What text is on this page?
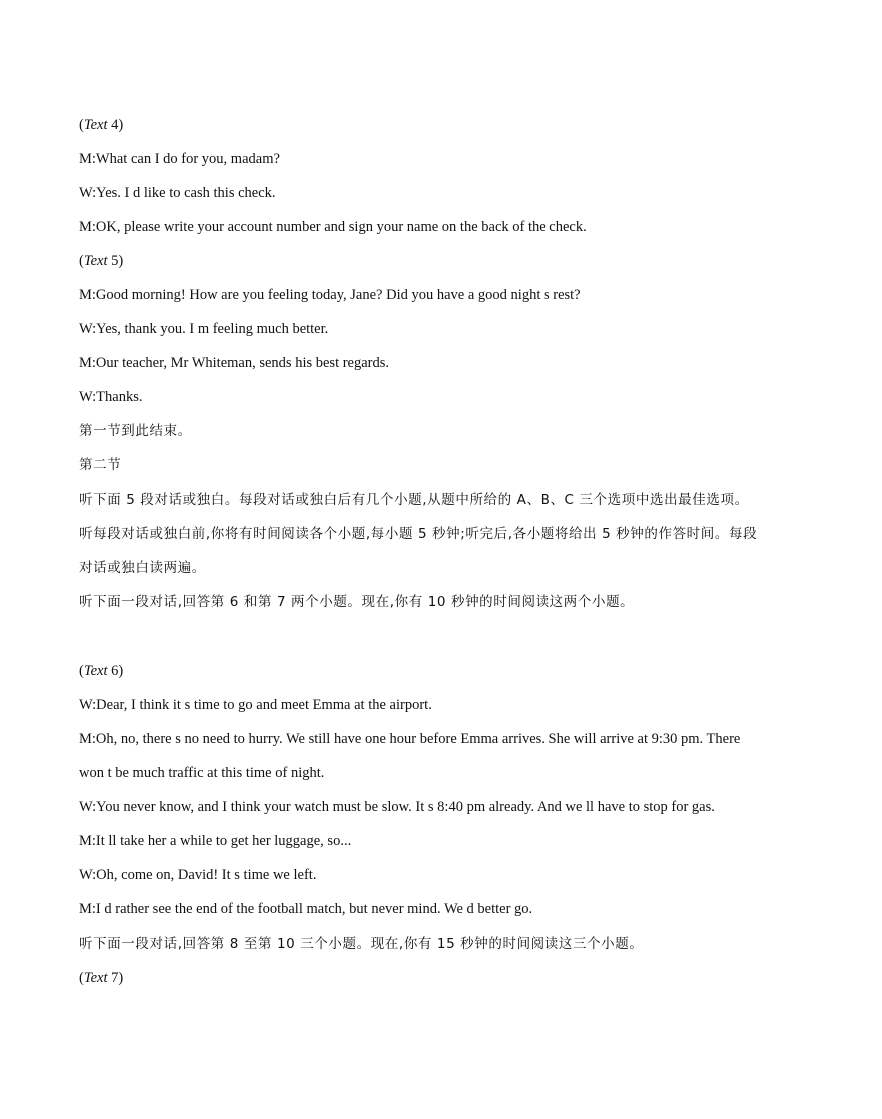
(Text 4)
M:What can I do for you, madam?
W:Yes. I d like to cash this check.
M:OK, please write your account number and sign your name on the back of the check.
(Text 5)
M:Good morning! How are you feeling today, Jane? Did you have a good night s rest?
W:Yes, thank you. I m feeling much better.
M:Our teacher, Mr Whiteman, sends his best regards.
W:Thanks.
第一节到此结束。
第二节
听下面 5 段对话或独白。每段对话或独白后有几个小题,从题中所给的 A、B、C 三个选项中选出最佳选项。
听每段对话或独白前,你将有时间阅读各个小题,每小题 5 秒钟;听完后,各小题将给出 5 秒钟的作答时间。每段
对话或独白读两遍。
听下面一段对话,回答第 6 和第 7 两个小题。现在,你有 10 秒钟的时间阅读这两个小题。
(Text 6)
W:Dear, I think it s time to go and meet Emma at the airport.
M:Oh, no, there s no need to hurry. We still have one hour before Emma arrives. She will arrive at 9:30 pm. There
won t be much traffic at this time of night.
W:You never know, and I think your watch must be slow. It s 8:40 pm already. And we ll have to stop for gas.
M:It ll take her a while to get her luggage, so...
W:Oh, come on, David! It s time we left.
M:I d rather see the end of the football match, but never mind. We d better go.
听下面一段对话,回答第 8 至第 10 三个小题。现在,你有 15 秒钟的时间阅读这三个小题。
(Text 7)
